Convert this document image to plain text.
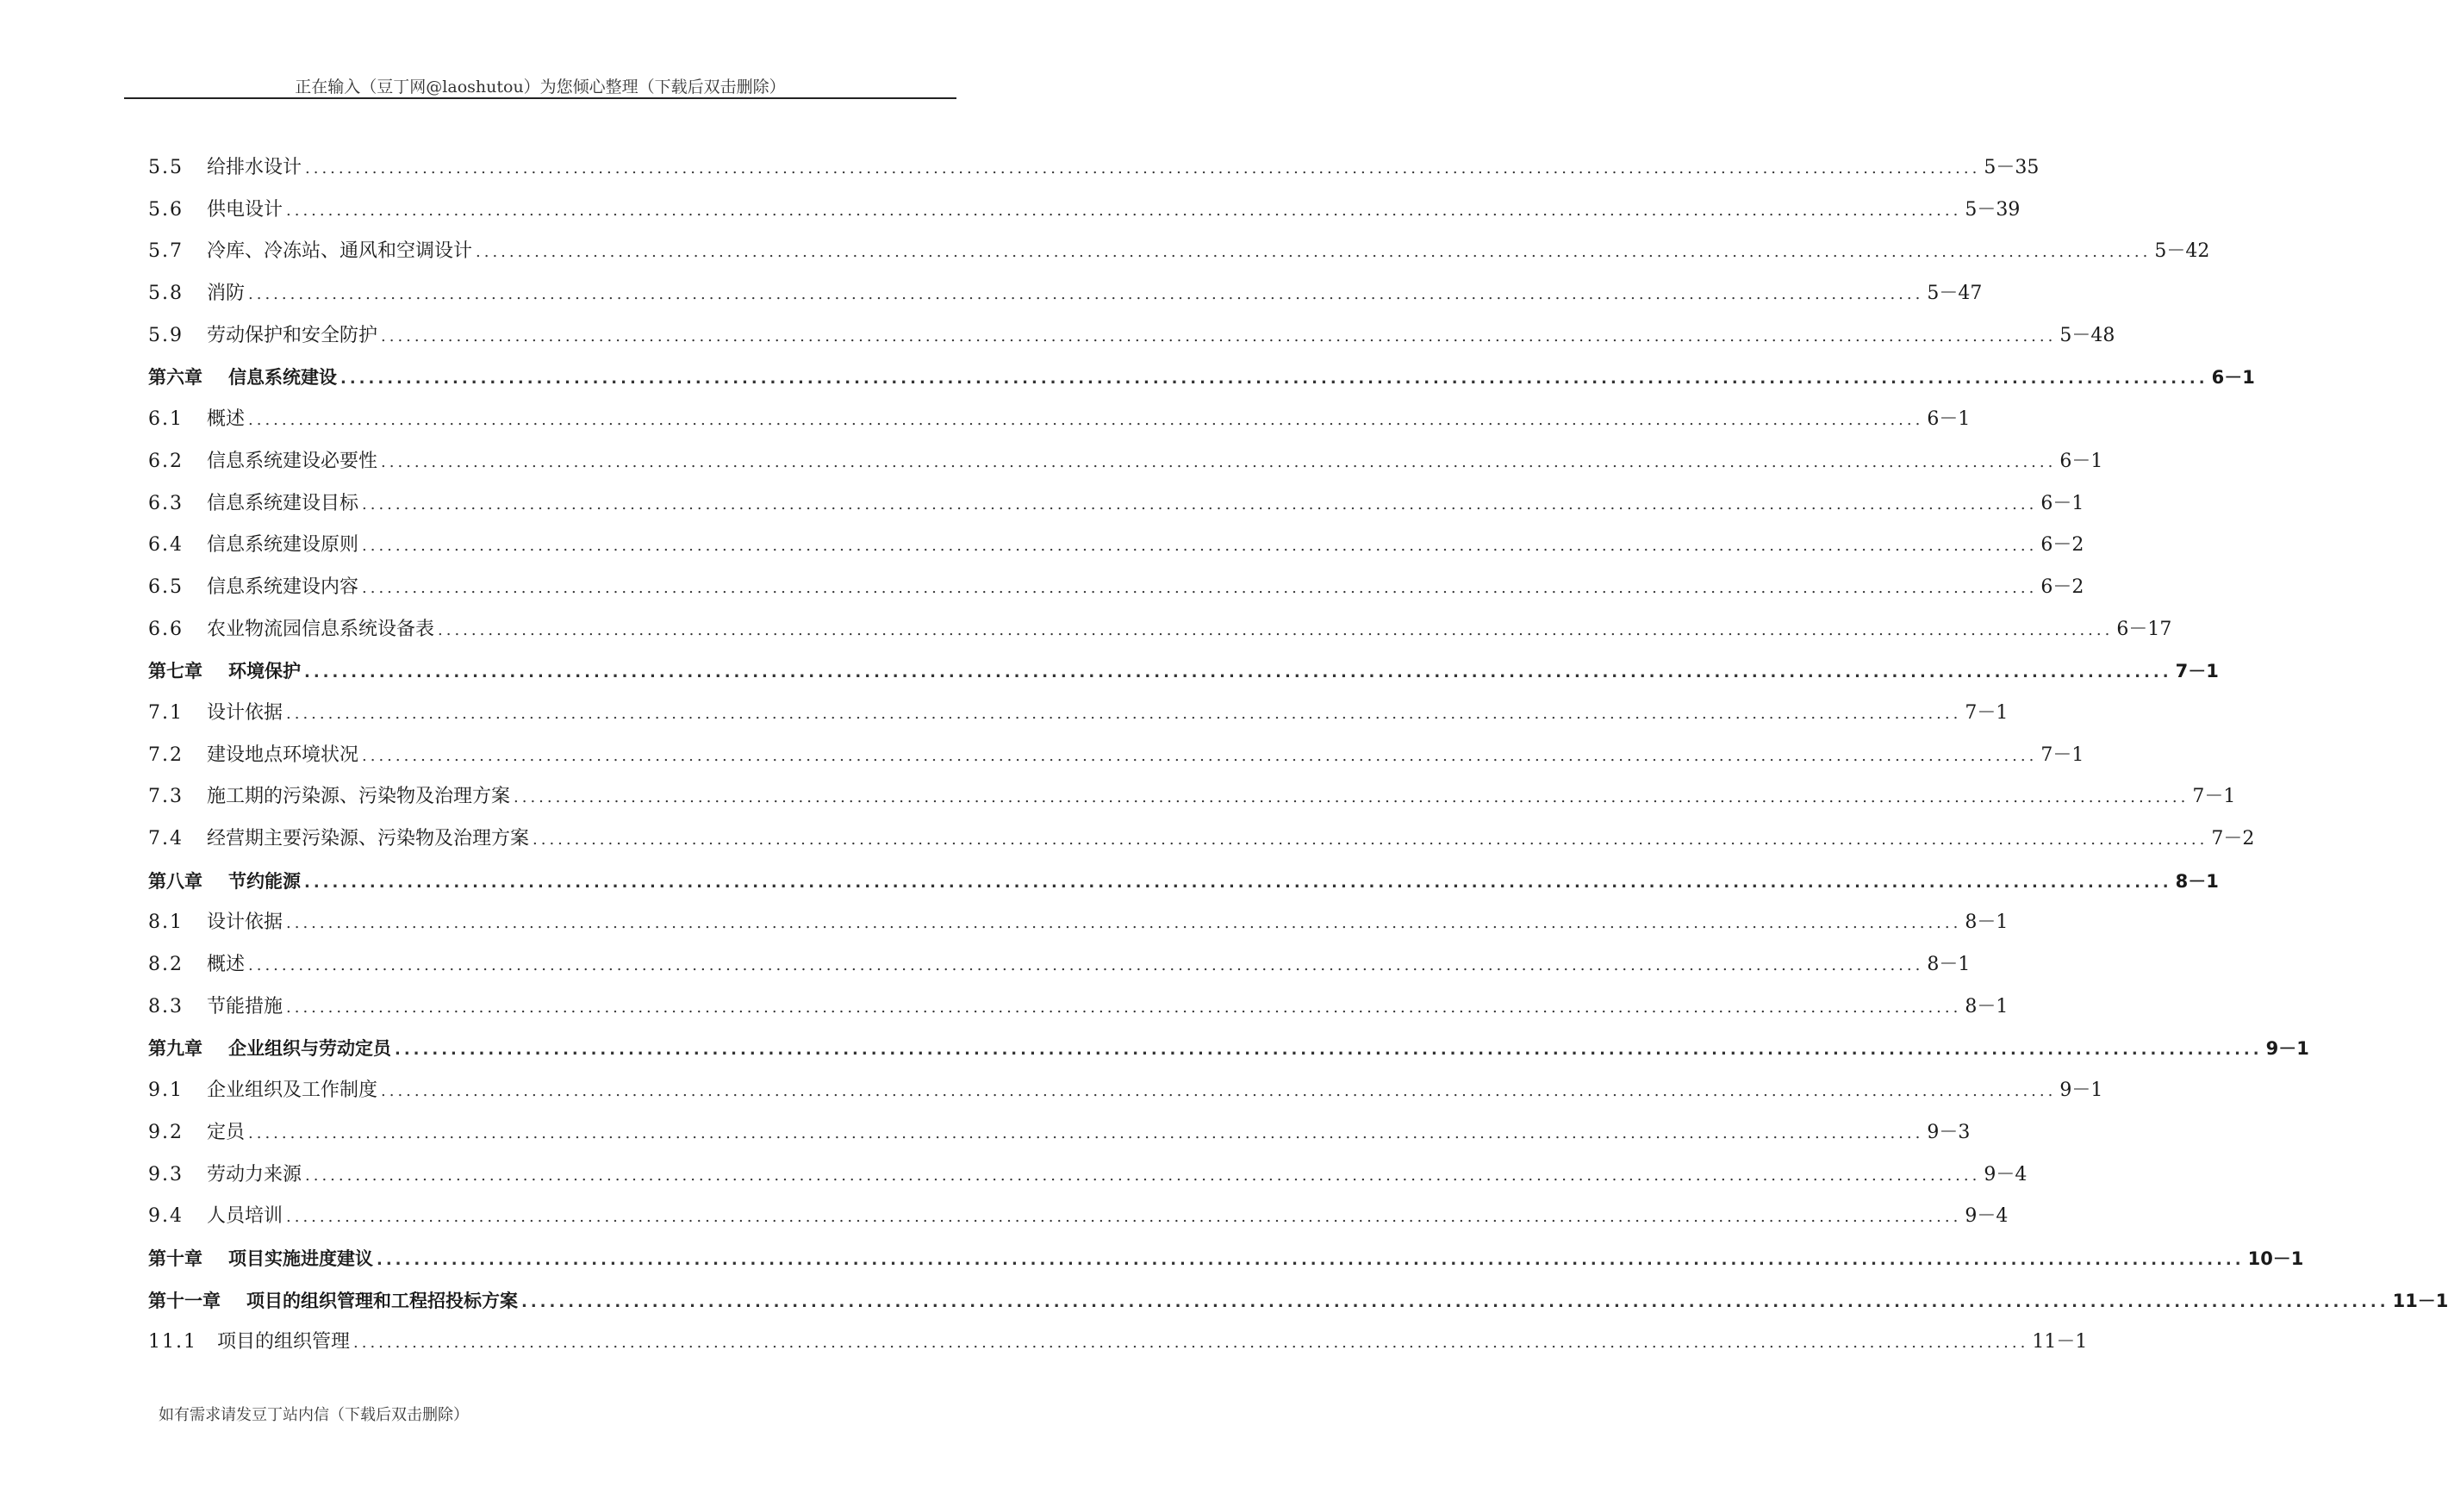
正在输入（豆丁网@laoshutou）为您倾心整理（下载后双击删除）
5.5	给排水设计 ........................................................................................................................................................................................................ 5－35
5.6	供电设计 ........................................................................................................................................................................................................ 5－39
5.7	冷库、冷冻站、通风和空调设计 ........................................................................................................................................................................................................ 5－42
5.8	消防 ........................................................................................................................................................................................................ 5－47
5.9	劳动保护和安全防护 ........................................................................................................................................................................................................ 5－48
第六章 信息系统建设 ........................................................................................................................................................................................................ 6－1
6.1	概述 ........................................................................................................................................................................................................ 6－1
6.2	信息系统建设必要性 ........................................................................................................................................................................................................ 6－1
6.3	信息系统建设目标 ........................................................................................................................................................................................................ 6－1
6.4	信息系统建设原则 ........................................................................................................................................................................................................ 6－2
6.5	信息系统建设内容 ........................................................................................................................................................................................................ 6－2
6.6	农业物流园信息系统设备表 ........................................................................................................................................................................................................ 6－17
第七章 环境保护 ........................................................................................................................................................................................................ 7－1
7.1	设计依据 ........................................................................................................................................................................................................ 7－1
7.2	建设地点环境状况 ........................................................................................................................................................................................................ 7－1
7.3	施工期的污染源、污染物及治理方案 ........................................................................................................................................................................................................ 7－1
7.4	经营期主要污染源、污染物及治理方案 ........................................................................................................................................................................................................ 7－2
第八章 节约能源 ........................................................................................................................................................................................................ 8－1
8.1	设计依据 ........................................................................................................................................................................................................ 8－1
8.2	概述 ........................................................................................................................................................................................................ 8－1
8.3	节能措施 ........................................................................................................................................................................................................ 8－1
第九章 企业组织与劳动定员 ........................................................................................................................................................................................................ 9－1
9.1	企业组织及工作制度 ........................................................................................................................................................................................................ 9－1
9.2	定员 ........................................................................................................................................................................................................ 9－3
9.3	劳动力来源 ........................................................................................................................................................................................................ 9－4
9.4	人员培训 ........................................................................................................................................................................................................ 9－4
第十章 项目实施进度建议 ........................................................................................................................................................................................................ 10－1
第十一章 项目的组织管理和工程招投标方案 ........................................................................................................................................................................................................ 11－1
11.1	项目的组织管理 ........................................................................................................................................................................................................ 11－1
如有需求请发豆丁站内信（下载后双击删除）
